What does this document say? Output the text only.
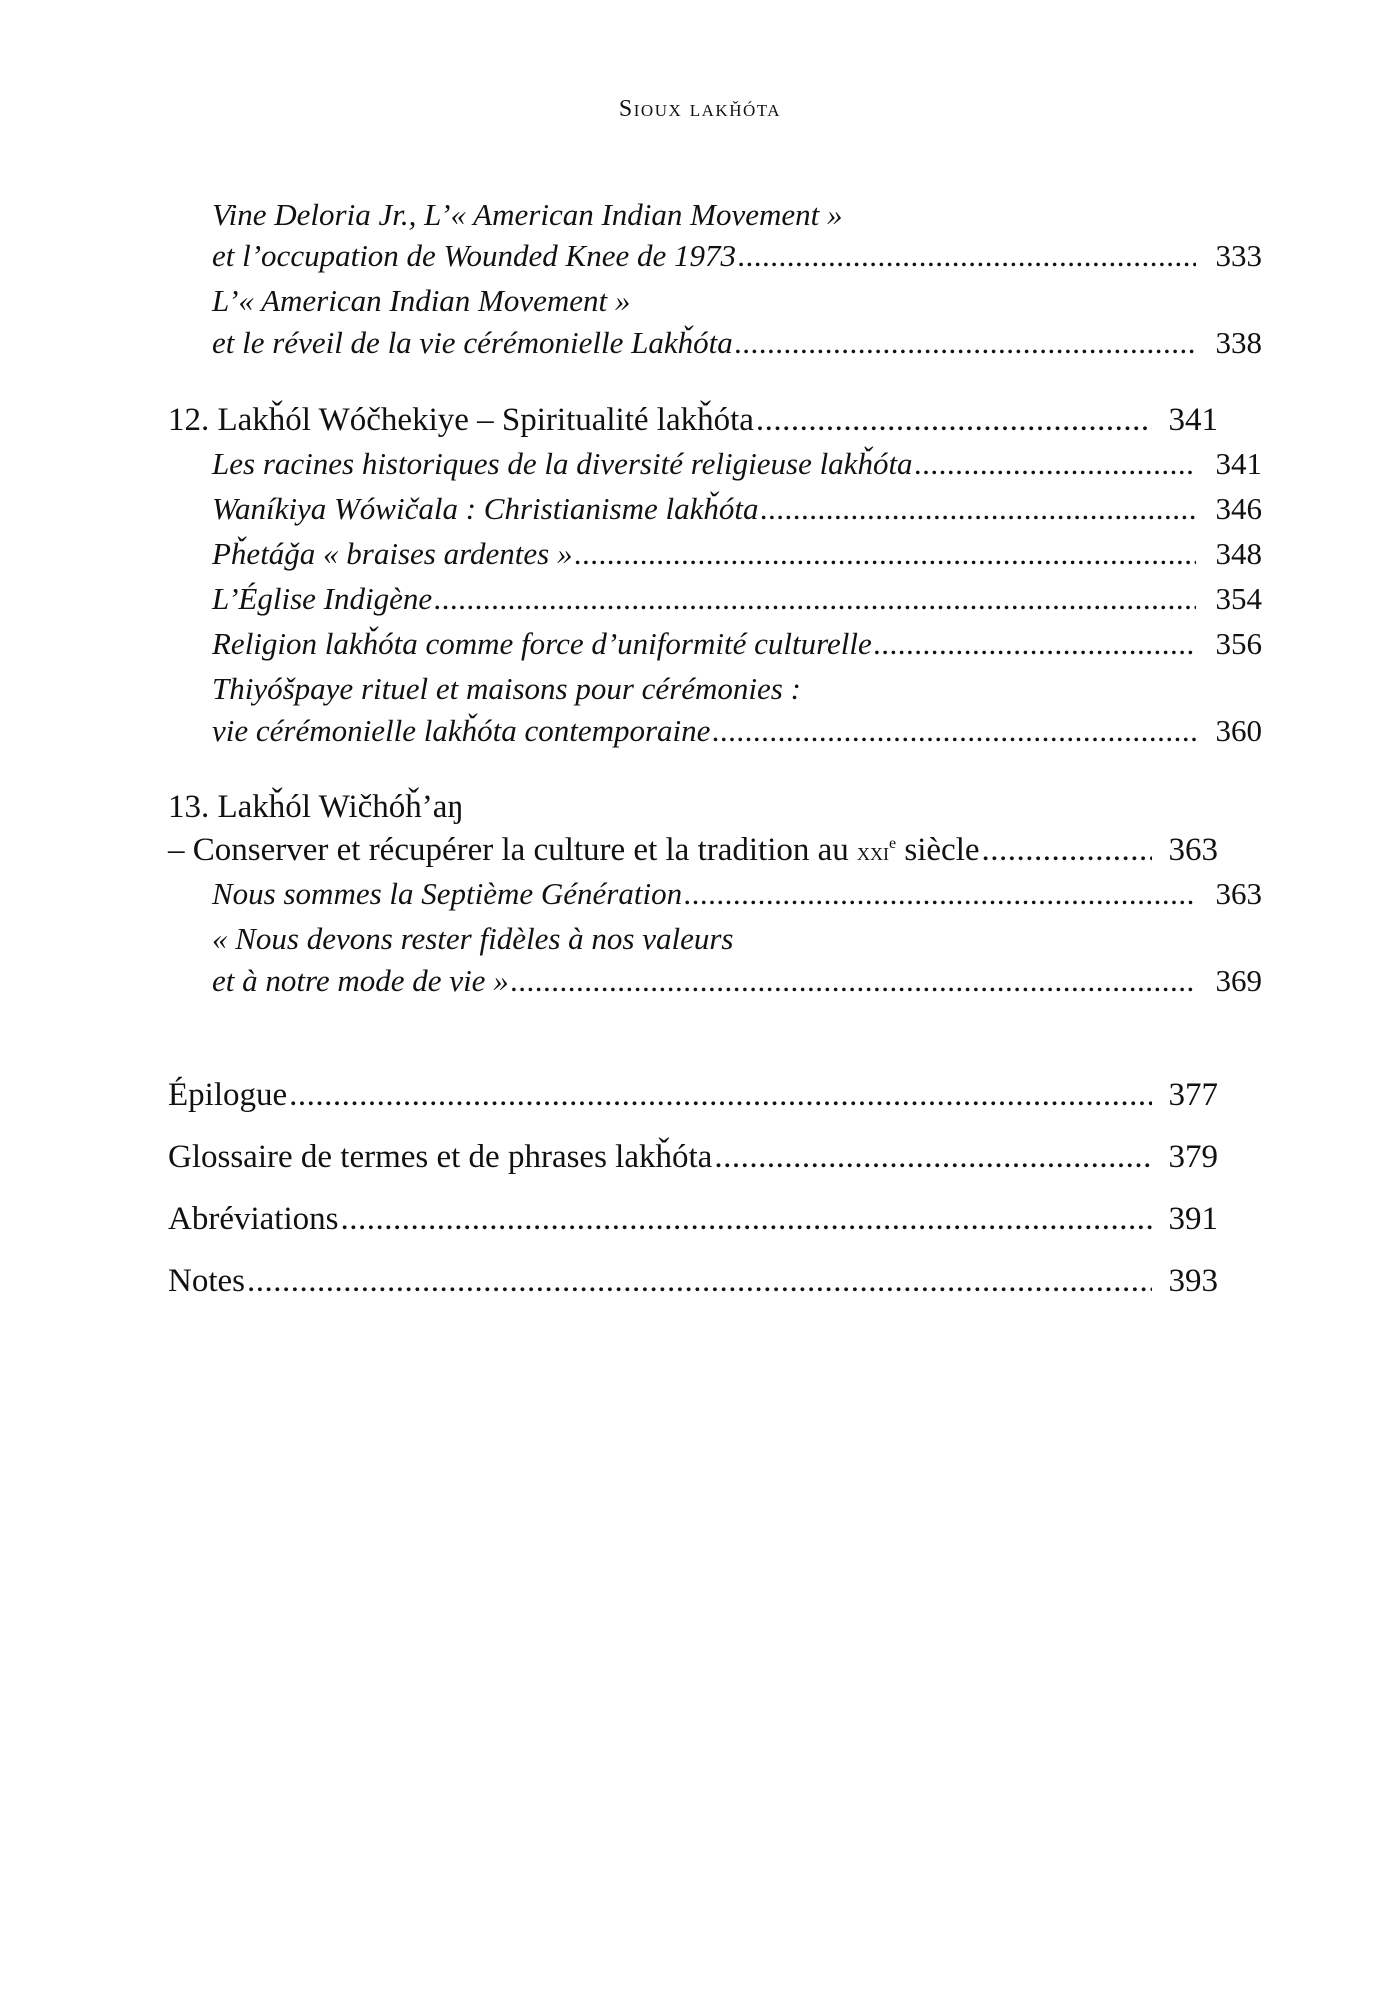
Sioux lakȟóta
Vine Deloria Jr., L’« American Indian Movement »
et l’occupation de Wounded Knee de 1973 .....	333
L’« American Indian Movement »
et le réveil de la vie cérémonielle Lakȟóta .....	338
12. Lakȟól Wóčhekiye – Spiritualité lakȟóta .....	341
Les racines historiques de la diversité religieuse lakȟóta .....	341
Waníkiya Wówičala : Christianisme lakȟóta .....	346
Pȟetáǧa « braises ardentes » .....	348
L’Église Indigène .....	354
Religion lakȟóta comme force d’uniformité culturelle .....	356
Thiyóšpaye rituel et maisons pour cérémonies :
vie cérémonielle lakȟóta contemporaine .....	360
13. Lakȟól Wičhóȟ’aŋ
– Conserver et récupérer la culture et la tradition au xxi$^e$ siècle .....	363
Nous sommes la Septième Génération .....	363
« Nous devons rester fidèles à nos valeurs
et à notre mode de vie » .....	369
Épilogue .....	377
Glossaire de termes et de phrases lakȟóta .....	379
Abréviations .....	391
Notes .....	393
